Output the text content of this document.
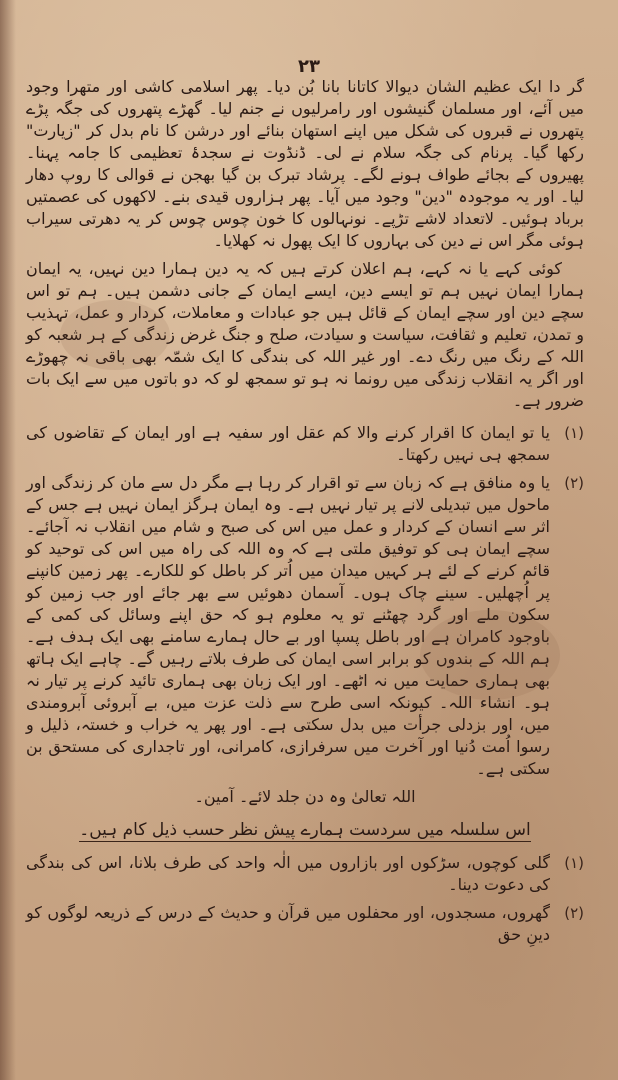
۲۳

گر دا ایک عظیم الشان دیوالا کاتانا بانا بُن دیا۔ پھر اسلامی کاشی اور متھرا وجود میں آئے، اور مسلمان گنیشوں اور رامرلیوں نے جنم لیا۔ گھڑے پتھروں کی جگہ پڑے پتھروں نے قبروں کی شکل میں اپنے استھان بنائے اور درشن کا نام بدل کر "زیارت" رکھا گیا۔ پرنام کی جگہ سلام نے لی۔ ڈنڈوت نے سجدۂ تعظیمی کا جامہ پہنا۔ پھیروں کے بجائے طواف ہونے لگے۔ پرشاد تبرک بن گیا بھجن نے قوالی کا روپ دھار لیا۔ اور یہ موجودہ "دین" وجود میں آیا۔ پھر ہزاروں قیدی بنے۔ لاکھوں کی عصمتیں برباد ہوئیں۔ لاتعداد لاشے تڑپے۔ نونہالوں کا خون چوس چوس کر یہ دھرتی سیراب ہوئی مگر اس نے دین کی بہاروں کا ایک پھول نہ کھلایا۔

کوئی کہے یا نہ کہے، ہم اعلان کرتے ہیں کہ یہ دین ہمارا دین نہیں، یہ ایمان ہمارا ایمان نہیں ہم تو ایسے دین، ایسے ایمان کے جانی دشمن ہیں۔ ہم تو اس سچے دین اور سچے ایمان کے قائل ہیں جو عبادات و معاملات، کردار و عمل، تہذیب و تمدن، تعلیم و ثقافت، سیاست و سیادت، صلح و جنگ غرض زندگی کے ہر شعبہ کو اللہ کے رنگ میں رنگ دے۔ اور غیر اللہ کی بندگی کا ایک شمّہ بھی باقی نہ چھوڑے اور اگر یہ انقلاب زندگی میں رونما نہ ہو تو سمجھ لو کہ دو باتوں میں سے ایک بات ضرور ہے۔

(۱)
یا تو ایمان کا اقرار کرنے والا کم عقل اور سفیہ ہے اور ایمان کے تقاضوں کی سمجھ ہی نہیں رکھتا۔
(۲)
یا وہ منافق ہے کہ زبان سے تو اقرار کر رہا ہے مگر دل سے مان کر زندگی اور ماحول میں تبدیلی لانے پر تیار نہیں ہے۔ وہ ایمان ہرگز ایمان نہیں ہے جس کے اثر سے انسان کے کردار و عمل میں اس کی صبح و شام میں انقلاب نہ آجائے۔ سچے ایمان ہی کو توفیق ملتی ہے کہ وہ اللہ کی راہ میں اس کی توحید کو قائم کرنے کے لئے ہر کہیں میدان میں اُتر کر باطل کو للکارے۔ پھر زمین کانپنے پر اُچھلیں۔ سینے چاک ہوں۔ آسمان دھوئیں سے بھر جائے اور جب زمین کو سکون ملے اور گرد چھٹنے تو یہ معلوم ہو کہ حق اپنے وسائل کی کمی کے باوجود کامران ہے اور باطل پسپا اور بے حال ہمارے سامنے بھی ایک ہدف ہے۔ ہم اللہ کے بندوں کو برابر اسی ایمان کی طرف بلاتے رہیں گے۔ چاہے ایک ہاتھ بھی ہماری حمایت میں نہ اٹھے۔ اور ایک زبان بھی ہماری تائید کرنے پر تیار نہ ہو۔ انشاء اللہ۔ کیونکہ اسی طرح سے ذلت عزت میں، بے آبروئی آبرومندی میں، اور بزدلی جرأت میں بدل سکتی ہے۔ اور پھر یہ خراب و خستہ، ذلیل و رسوا اُمت دُنیا اور آخرت میں سرفرازی، کامرانی، اور تاجداری کی مستحق بن سکتی ہے۔
اللہ تعالیٰ وہ دن جلد لائے۔ آمین۔
اس سلسلہ میں سردست ہمارے پیش نظر حسب ذیل کام ہیں۔
(۱)
گلی کوچوں، سڑکوں اور بازاروں میں الٰہ واحد کی طرف بلانا، اس کی بندگی کی دعوت دینا۔
(۲)
گھروں، مسجدوں، اور محفلوں میں قرآن و حدیث کے درس کے ذریعہ لوگوں کو دینِ حق
